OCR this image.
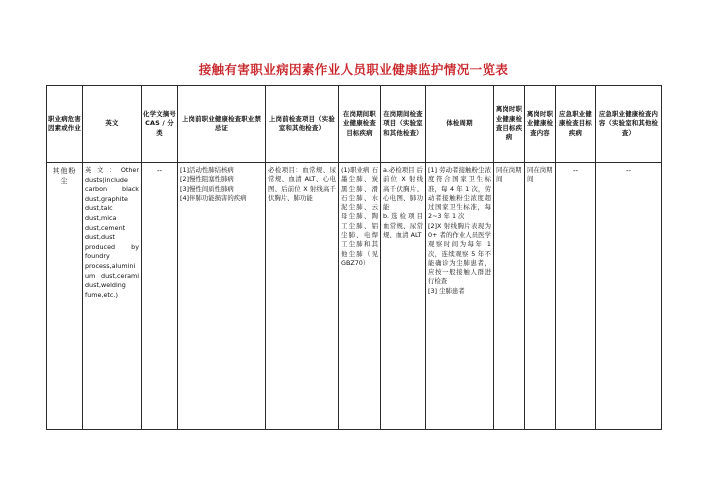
接触有害职业病因素作业人员职业健康监护情况一览表
职业病危害因素或作业	英文	化学文摘号CAS / 分类	上岗前职业健康检查职业禁忌证	上岗前检查项目（实验室和其他检查）	在岗期间职业健康检查目标疾病	在岗期间检查项目（实验室和其他检查）	体检周期	离岗时职业健康检查目标疾病	离岗时职业健康检查内容	应急职业健康检查目标疾病	应急职业健康检查内容（实验室和其他检查）

其他粉尘	英文：Other dusts(include carbon black dust,graphite dust,talc dust,mica dust,cement dust,dust produced by foundry process,aluminium dust,cerami dust,welding fume,etc.)	--	[1]活动性肺结核病
[2]慢性阻塞性肺病
[3]慢性间质性肺病
[4]伴肺功能损害的疾病	必检项目：血常规、尿常规、血清 ALT、心电图、后前位 X 射线高千伏胸片、肺功能	(1)职业病 石墨尘肺、炭黑尘肺、滑石尘肺、水泥尘肺、云母尘肺、陶工尘肺、铝尘肺、电焊工尘肺和其他尘肺（见 GBZ70）	a.必检项目 后前位 X 射线高千伏胸片、心电图、肺功能
b.选检项目 血常规、尿常规、血清 ALT	[1] 劳动者接触粉尘浓度符合国家卫生标准，每 4 年 1 次，劳动者接触粉尘浓度超过国家卫生标准，每 2~3 年 1 次
[2]X 射线胸片表现为 0+ 者的作业人员医学观察时间为每年 1 次，连续观察 5 年不能确诊为尘肺患者，应按一般接触人群进行检查
[3] 尘肺患者	同在岗期间	同在岗期间	--	--
